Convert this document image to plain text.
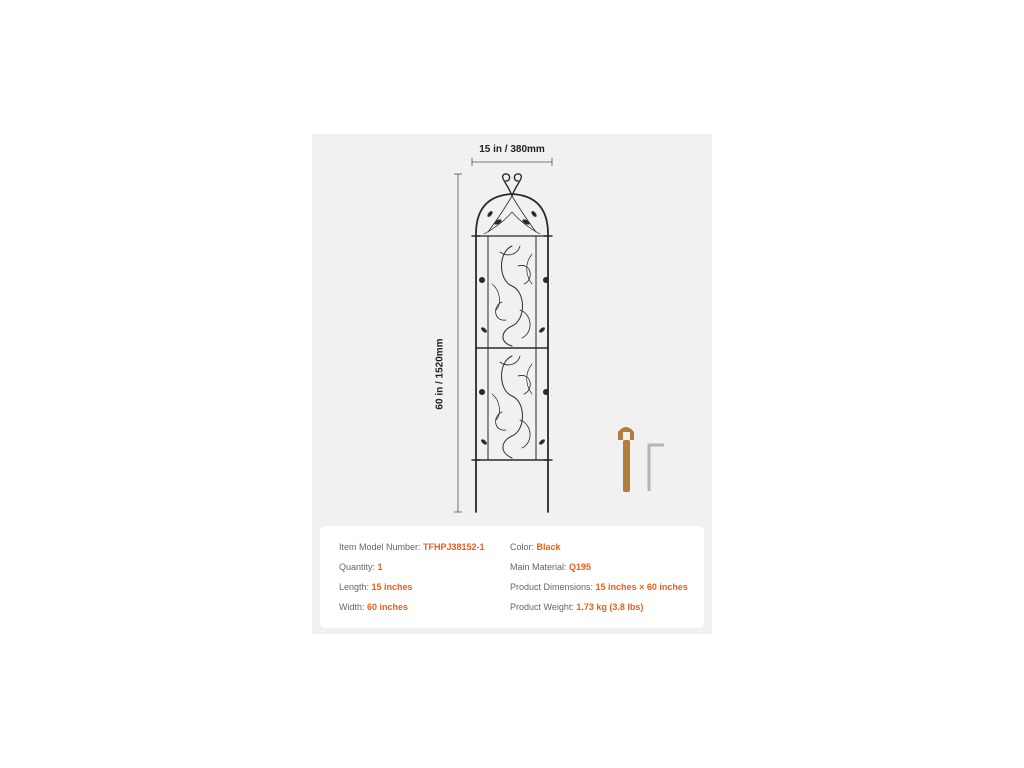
15 in / 380mm
60 in / 1520mm
Item Model Number: TFHPJ38152-1
Quantity: 1
Length: 15 inches
Width: 60 inches
Color: Black
Main Material: Q195
Product Dimensions: 15 inches × 60 inches
Product Weight: 1.73 kg (3.8 lbs)
